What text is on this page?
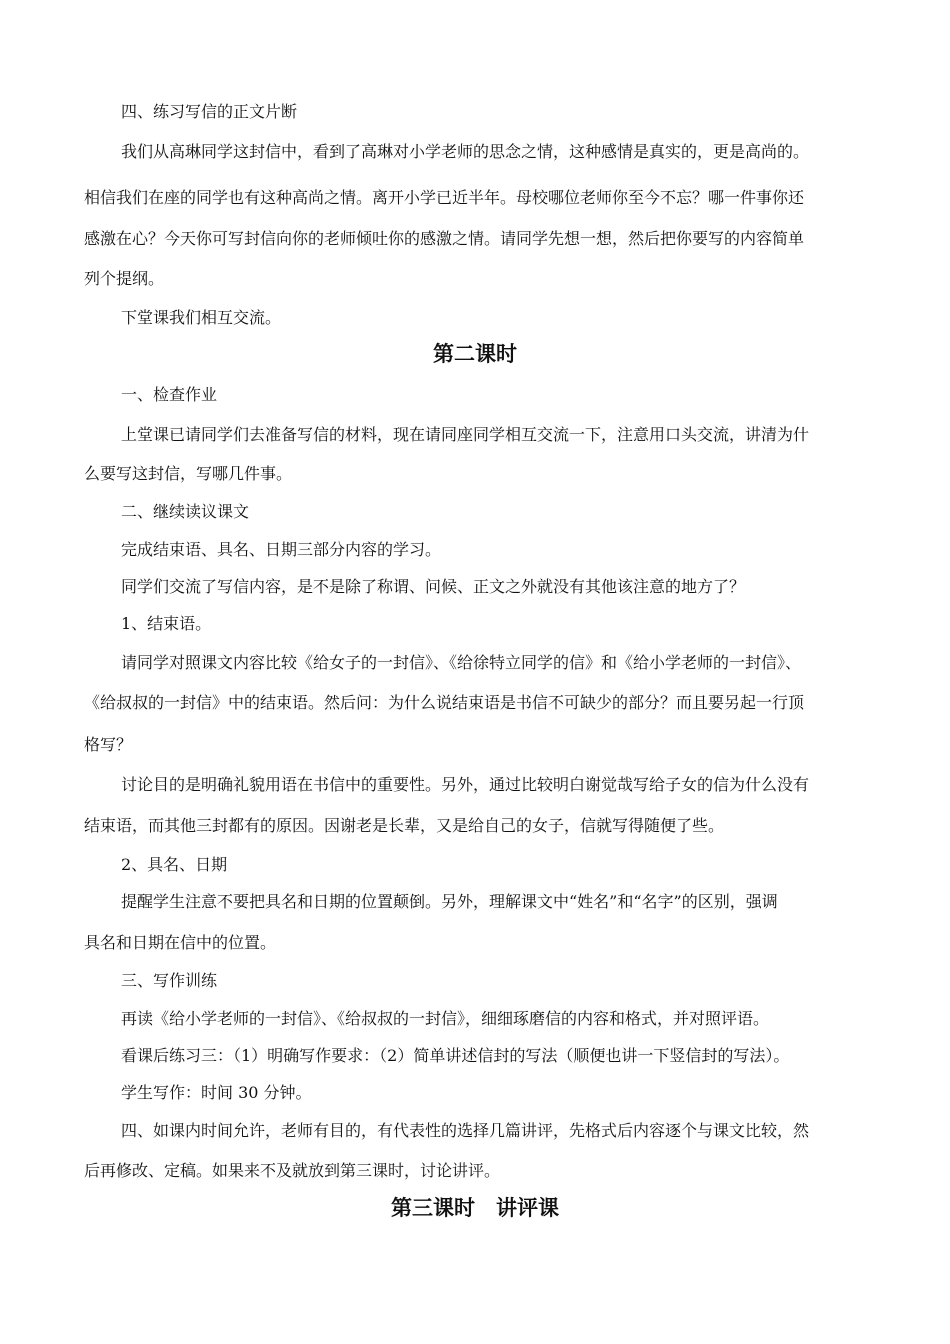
四、练习写信的正文片断

我们从高琳同学这封信中，看到了高琳对小学老师的思念之情，这种感情是真实的，更是高尚的。

相信我们在座的同学也有这种高尚之情。离开小学已近半年。母校哪位老师你至今不忘？哪一件事你还

感激在心？今天你可写封信向你的老师倾吐你的感激之情。请同学先想一想，然后把你要写的内容简单

列个提纲。

下堂课我们相互交流。

第二课时

一、检查作业

上堂课已请同学们去准备写信的材料，现在请同座同学相互交流一下，注意用口头交流，讲清为什

么要写这封信，写哪几件事。

二、继续读议课文

完成结束语、具名、日期三部分内容的学习。

同学们交流了写信内容，是不是除了称谓、问候、正文之外就没有其他该注意的地方了？

1、结束语。

请同学对照课文内容比较《给女子的一封信》、《给徐特立同学的信》和《给小学老师的一封信》、

《给叔叔的一封信》中的结束语。然后问：为什么说结束语是书信不可缺少的部分？而且要另起一行顶

格写？

讨论目的是明确礼貌用语在书信中的重要性。另外，通过比较明白谢觉哉写给子女的信为什么没有

结束语，而其他三封都有的原因。因谢老是长辈，又是给自己的女子，信就写得随便了些。

2、具名、日期

提醒学生注意不要把具名和日期的位置颠倒。另外，理解课文中“姓名”和“名字”的区别，强调

具名和日期在信中的位置。

三、写作训练

再读《给小学老师的一封信》、《给叔叔的一封信》，细细琢磨信的内容和格式，并对照评语。

看课后练习三：（1）明确写作要求：（2）简单讲述信封的写法（顺便也讲一下竖信封的写法）。

学生写作：时间 30 分钟。

四、如课内时间允许，老师有目的，有代表性的选择几篇讲评，先格式后内容逐个与课文比较，然

后再修改、定稿。如果来不及就放到第三课时，讨论讲评。

第三课时　讲评课
